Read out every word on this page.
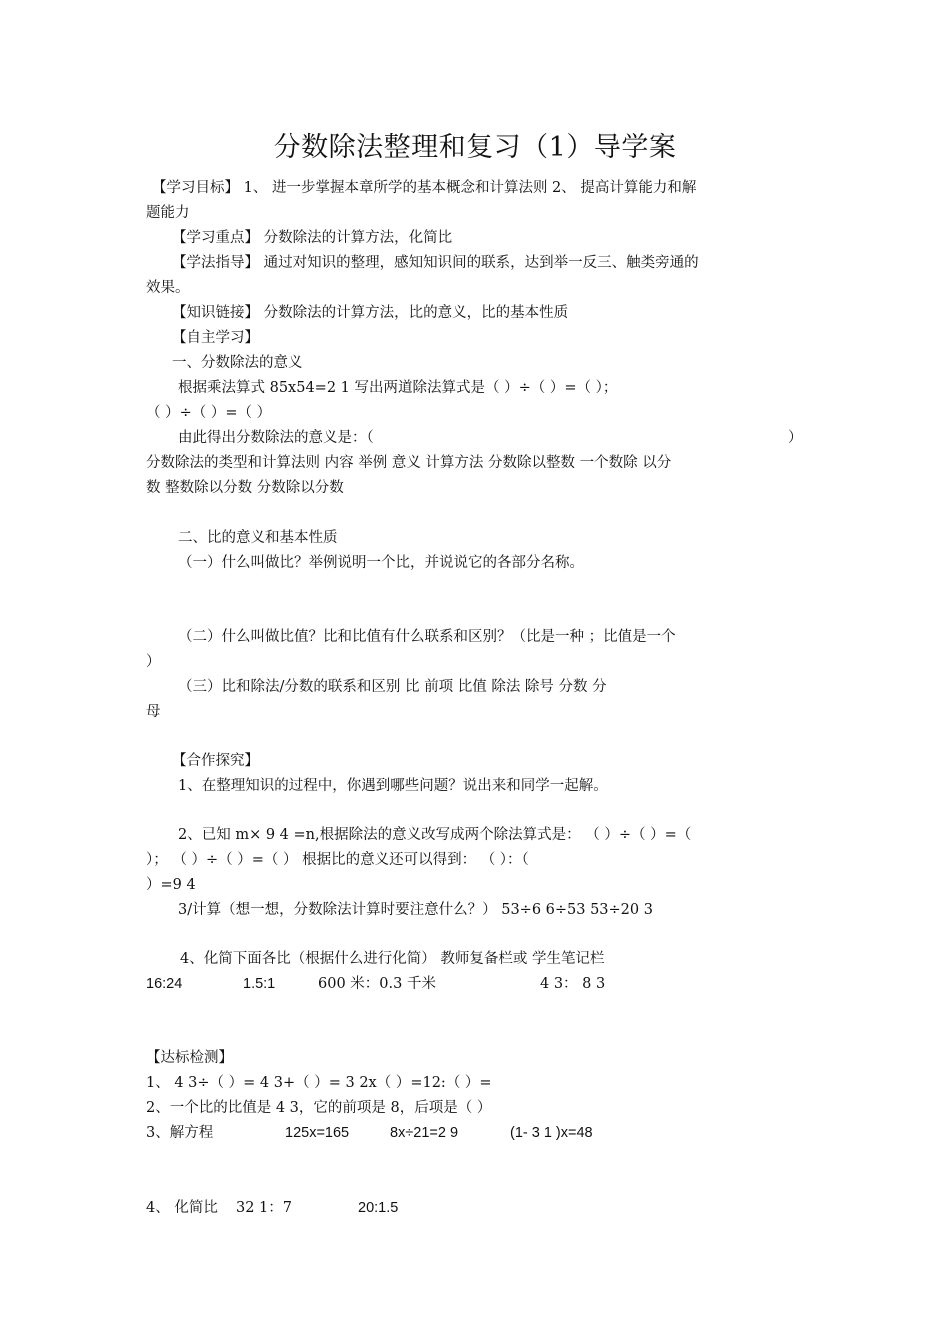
分数除法整理和复习（1）导学案
【学习目标】 1、 进一步掌握本章所学的基本概念和计算法则 2、 提高计算能力和解
题能力
【学习重点】 分数除法的计算方法，化简比
【学法指导】 通过对知识的整理，感知知识间的联系，达到举一反三、触类旁通的
效果。
【知识链接】 分数除法的计算方法，比的意义，比的基本性质
【自主学习】
一、分数除法的意义
根据乘法算式 85x54=2 1 写出两道除法算式是（ ）÷（ ）=（ ）；
（ ）÷（ ）=（ ）
由此得出分数除法的意义是：（	）
分数除法的类型和计算法则 内容 举例 意义 计算方法 分数除以整数 一个数除 以分
数 整数除以分数 分数除以分数
二、比的意义和基本性质
（一）什么叫做比？举例说明一个比，并说说它的各部分名称。
（二）什么叫做比值？比和比值有什么联系和区别？（比是一种 ；比值是一个
）
（三）比和除法/分数的联系和区别 比 前项 比值 除法 除号 分数 分
母
【合作探究】
1、在整理知识的过程中，你遇到哪些问题？说出来和同学一起解。
2、已知 m× 9 4 =n,根据除法的意义改写成两个除法算式是： （ ）÷（ ）=（
）； （ ）÷（ ）=（ ） 根据比的意义还可以得到： （ ）：（
）=9 4
3/计算（想一想，分数除法计算时要注意什么？） 53÷6 6÷53 53÷20 3
4、化简下面各比（根据什么进行化简） 教师复备栏或 学生笔记栏
16:24	1.5:1	600 米：0.3 千米	4 3： 8 3
【达标检测】
1、 4 3÷（ ）= 4 3+（ ）= 3 2x（ ）=12:（ ）=
2、一个比的比值是 4 3，它的前项是 8，后项是（ ）
3、解方程	125x=165	8x÷21=2 9	(1- 3 1 )x=48
4、 化简比 32 1：7	20:1.5
